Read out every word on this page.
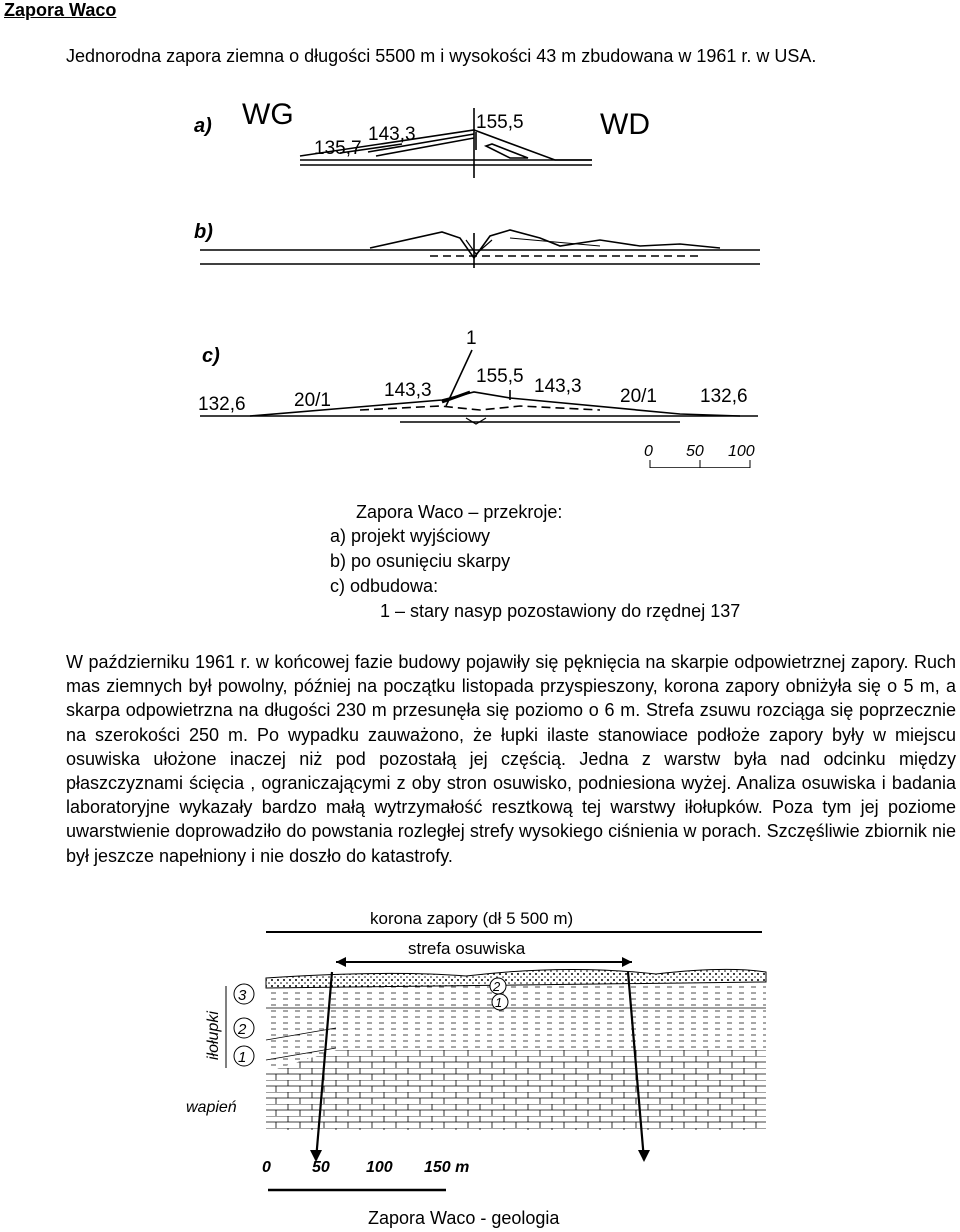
Zapora Waco
Jednorodna zapora ziemna o długości 5500 m i wysokości 43 m zbudowana w 1961 r. w USA.
a) WG	WD
135,7
143,3
155,5
b)
c)
1
132,6	20/1	143,3
155,5 143,3 20/1 132,6
0 50 100
Zapora Waco – przekroje:
a) projekt wyjściowy
b) po osunięciu skarpy
c) odbudowa:
1 – stary nasyp pozostawiony do rzędnej 137

W październiku 1961 r. w końcowej fazie budowy pojawiły się pęknięcia na skarpie odpowietrznej zapory. Ruch mas ziemnych był powolny, później na początku listopada przyspieszony, korona zapory obniżyła się o 5 m, a skarpa odpowietrzna na długości 230 m przesunęła się poziomo o 6 m. Strefa zsuwu rozciąga się poprzecznie na szerokości 250 m. Po wypadku zauważono, że łupki ilaste stanowiace podłoże zapory były w miejscu osuwiska ułożone inaczej niż pod pozostałą jej częścią. Jedna z warstw była nad odcinku między płaszczyznami ścięcia , ograniczającymi z oby stron osuwisko, podniesiona wyżej. Analiza osuwiska i badania laboratoryjne wykazały bardzo małą wytrzymałość resztkową tej warstwy iłołupków. Poza tym jej poziome uwarstwienie doprowadziło do powstania rozległej strefy wysokiego ciśnienia w porach. Szczęśliwie zbiornik nie był jeszcze napełniony i nie doszło do katastrofy.

korona zapory (dł 5 500 m)
strefa osuwiska
3
2
1
2
1
iłołupki
wapień
0	50 100 150 m
Zapora Waco - geologia
